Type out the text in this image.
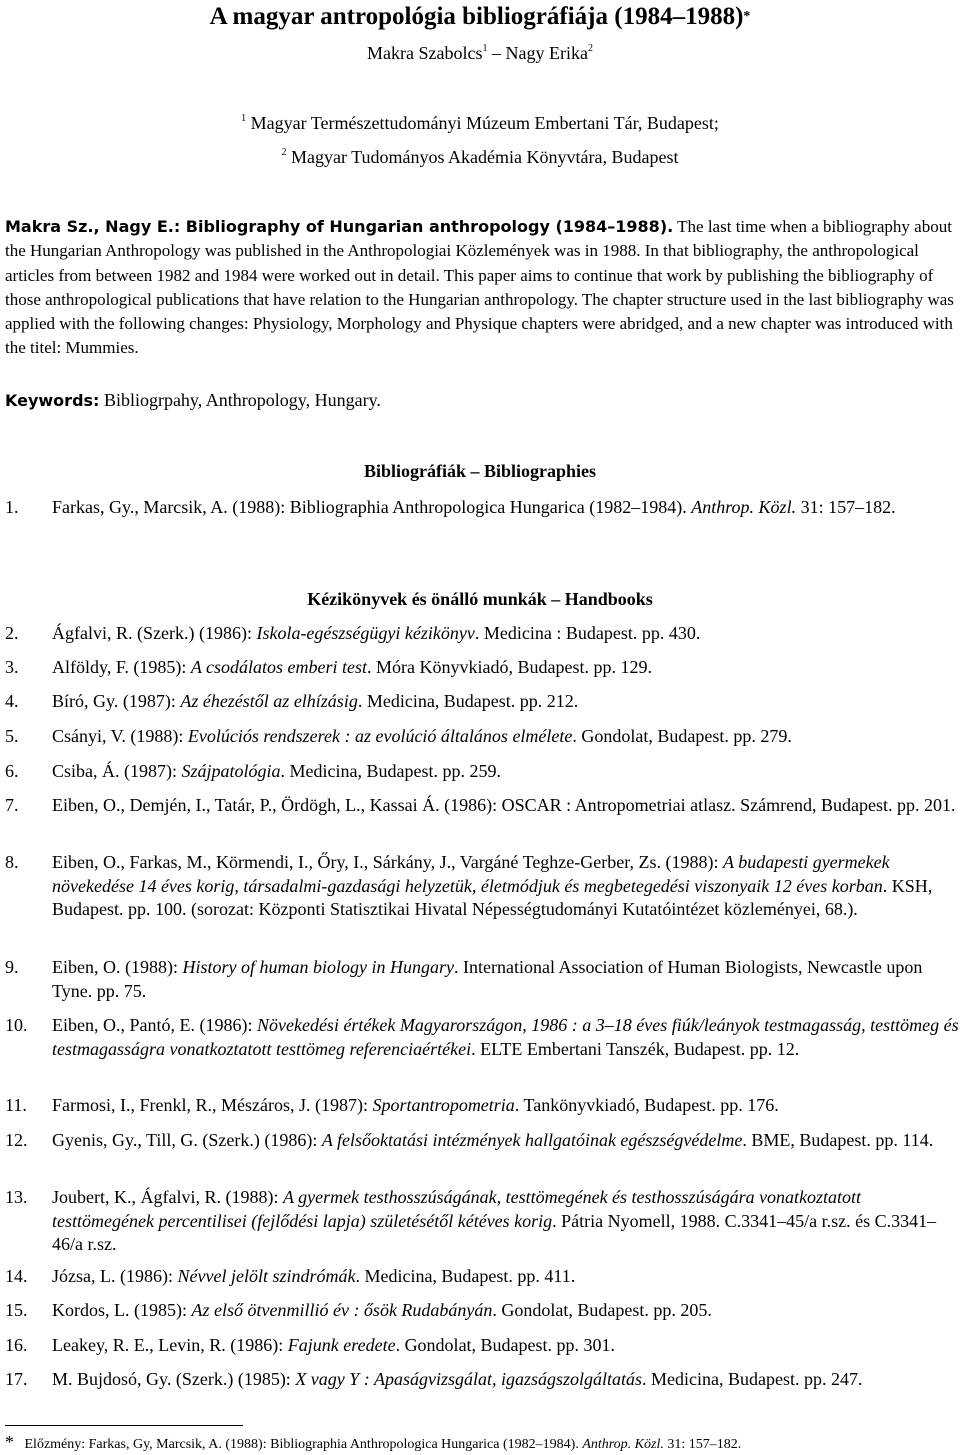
A magyar antropológia bibliográfiája (1984–1988)*
Makra Szabolcs$^1$ – Nagy Erika$^2$
$^1$ Magyar Természettudományi Múzeum Embertani Tár, Budapest;
$^2$ Magyar Tudományos Akadémia Könyvtára, Budapest

Makra Sz., Nagy E.: Bibliography of Hungarian anthropology (1984–1988). The last time when a bibliography about the Hungarian Anthropology was published in the Anthropologiai Közlemények was in 1988. In that bibliography, the anthropological articles from between 1982 and 1984 were worked out in detail. This paper aims to continue that work by publishing the bibliography of those anthropological publications that have relation to the Hungarian anthropology. The chapter structure used in the last bibliography was applied with the following changes: Physiology, Morphology and Physique chapters were abridged, and a new chapter was introduced with the titel: Mummies.

Keywords: Bibliogrpahy, Anthropology, Hungary.

Bibliográfiák – Bibliographies
1. Farkas, Gy., Marcsik, A. (1988): Bibliographia Anthropologica Hungarica (1982–1984). Anthrop. Közl. 31: 157–182.
Kézikönyvek és önálló munkák – Handbooks
2. Ágfalvi, R. (Szerk.) (1986): Iskola-egészségügyi kézikönyv. Medicina : Budapest. pp. 430.
3. Alföldy, F. (1985): A csodálatos emberi test. Móra Könyvkiadó, Budapest. pp. 129.
4. Bíró, Gy. (1987): Az éhezéstől az elhízásig. Medicina, Budapest. pp. 212.
5. Csányi, V. (1988): Evolúciós rendszerek : az evolúció általános elmélete. Gondolat, Budapest. pp. 279.
6. Csiba, Á. (1987): Szájpatológia. Medicina, Budapest. pp. 259.
7. Eiben, O., Demjén, I., Tatár, P., Ördögh, L., Kassai Á. (1986): OSCAR : Antropometriai atlasz. Számrend, Budapest. pp. 201.
8. Eiben, O., Farkas, M., Körmendi, I., Őry, I., Sárkány, J., Vargáné Teghze-Gerber, Zs. (1988): A budapesti gyermekek növekedése 14 éves korig, társadalmi-gazdasági helyzetük, életmódjuk és megbetegedési viszonyaik 12 éves korban. KSH, Budapest. pp. 100. (sorozat: Központi Statisztikai Hivatal Népességtudományi Kutatóintézet közleményei, 68.).
9. Eiben, O. (1988): History of human biology in Hungary. International Association of Human Biologists, Newcastle upon Tyne. pp. 75.
10. Eiben, O., Pantó, E. (1986): Növekedési értékek Magyarországon, 1986 : a 3–18 éves fiúk/leányok testmagasság, testtömeg és testmagasságra vonatkoztatott testtömeg referenciaértékei. ELTE Embertani Tanszék, Budapest. pp. 12.
11. Farmosi, I., Frenkl, R., Mészáros, J. (1987): Sportantropometria. Tankönyvkiadó, Budapest. pp. 176.
12. Gyenis, Gy., Till, G. (Szerk.) (1986): A felsőoktatási intézmények hallgatóinak egészségvédelme. BME, Budapest. pp. 114.
13. Joubert, K., Ágfalvi, R. (1988): A gyermek testhosszúságának, testtömegének és testhosszúságára vonatkoztatott testtömegének percentilisei (fejlődési lapja) születésétől kétéves korig. Pátria Nyomell, 1988. C.3341–45/a r.sz. és C.3341–46/a r.sz.
14. Józsa, L. (1986): Névvel jelölt szindrómák. Medicina, Budapest. pp. 411.
15. Kordos, L. (1985): Az első ötvenmillió év : ősök Rudabányán. Gondolat, Budapest. pp. 205.
16. Leakey, R. E., Levin, R. (1986): Fajunk eredete. Gondolat, Budapest. pp. 301.
17. M. Bujdosó, Gy. (Szerk.) (1985): X vagy Y : Apaságvizsgálat, igazságszolgáltatás. Medicina, Budapest. pp. 247.
* Előzmény: Farkas, Gy, Marcsik, A. (1988): Bibliographia Anthropologica Hungarica (1982–1984). Anthrop. Közl. 31: 157–182.
